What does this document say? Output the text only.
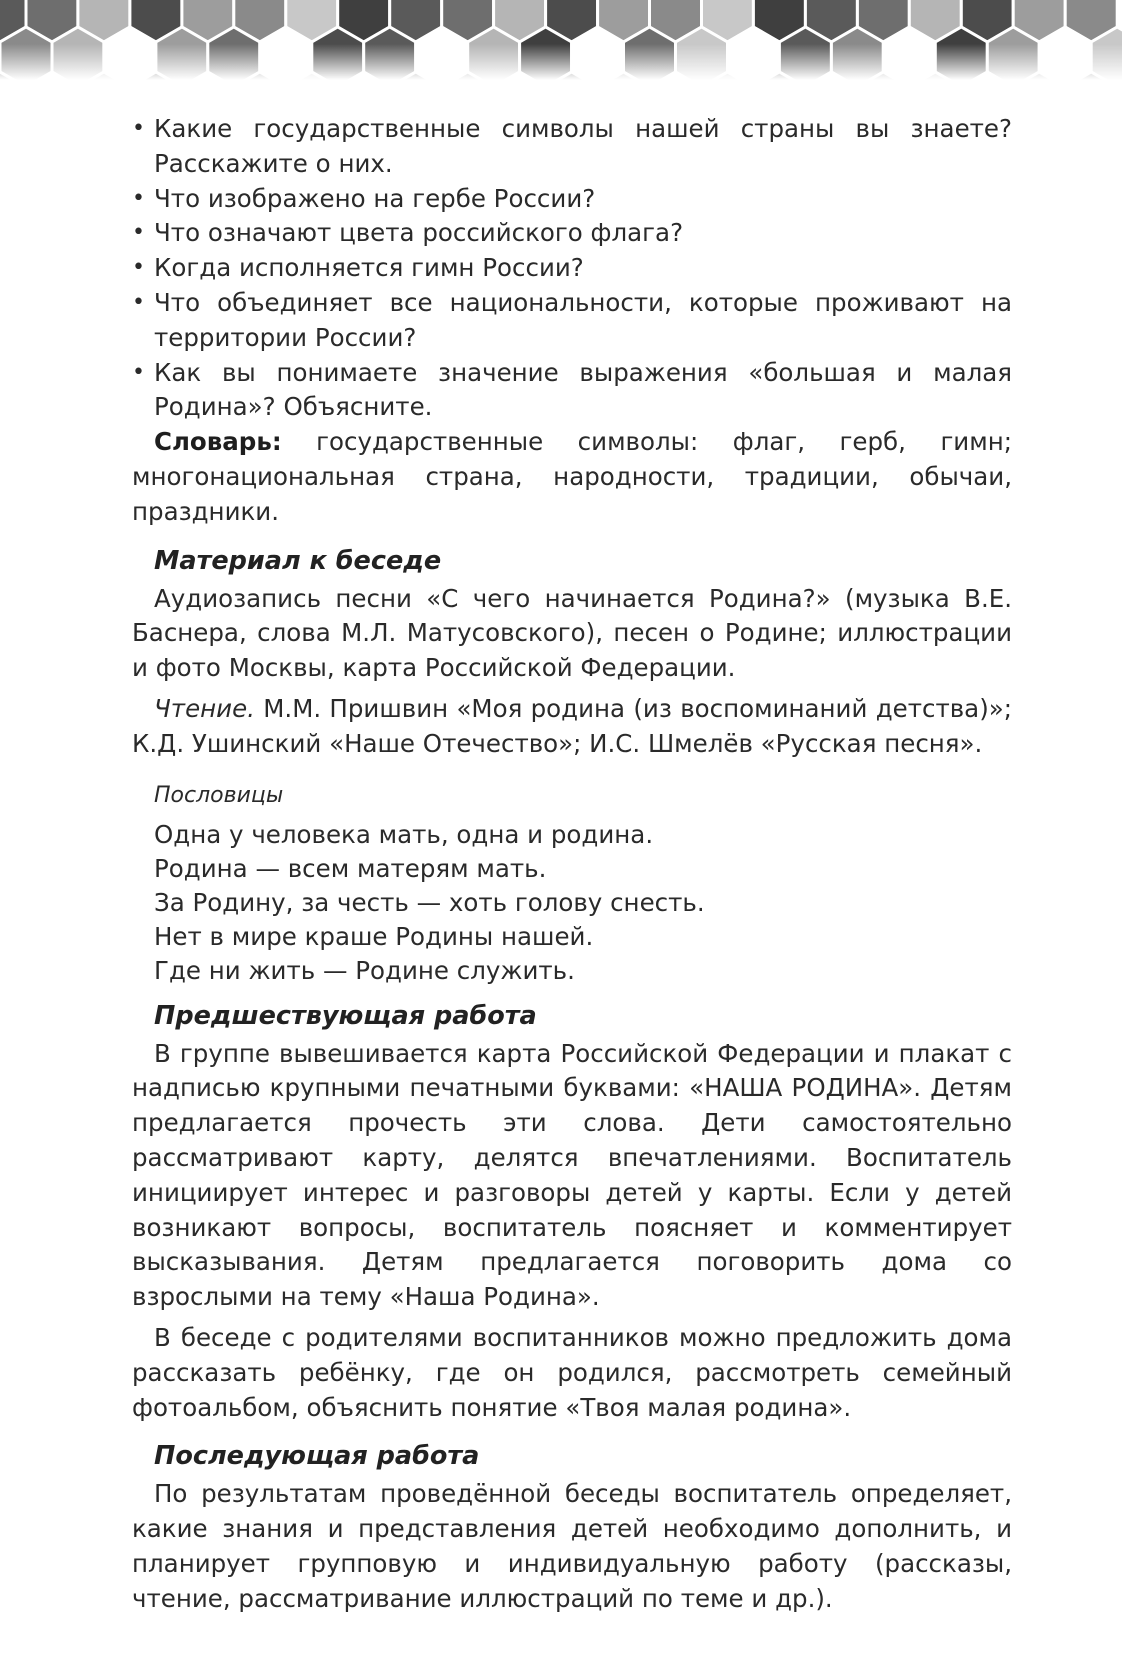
• Какие государственные символы нашей страны вы знаете? Расскажите о них.
• Что изображено на гербе России?
• Что означают цвета российского флага?
• Когда исполняется гимн России?
• Что объединяет все национальности, которые проживают на территории России?
• Как вы понимаете значение выражения «большая и малая Родина»? Объясните.

Словарь: государственные символы: флаг, герб, гимн; многонациональная страна, народности, традиции, обычаи, праздники.

Материал к беседе

Аудиозапись песни «С чего начинается Родина?» (музыка В.Е. Баснера, слова М.Л. Матусовского), песен о Родине; иллюстрации и фото Москвы, карта Российской Федерации.

Чтение. М.М. Пришвин «Моя родина (из воспоминаний детства)»; К.Д. Ушинский «Наше Отечество»; И.С. Шмелёв «Русская песня».

Пословицы

Одна у человека мать, одна и родина.

Родина — всем матерям мать.

За Родину, за честь — хоть голову снесть.

Нет в мире краше Родины нашей.

Где ни жить — Родине служить.

Предшествующая работа

В группе вывешивается карта Российской Федерации и плакат с надписью крупными печатными буквами: «НАША РОДИНА». Детям предлагается прочесть эти слова. Дети самостоятельно рассматривают карту, делятся впечатлениями. Воспитатель инициирует интерес и разговоры детей у карты. Если у детей возникают вопросы, воспитатель поясняет и комментирует высказывания. Детям предлагается поговорить дома со взрослыми на тему «Наша Родина».

В беседе с родителями воспитанников можно предложить дома рассказать ребёнку, где он родился, рассмотреть семейный фотоальбом, объяснить понятие «Твоя малая родина».

Последующая работа

По результатам проведённой беседы воспитатель определяет, какие знания и представления детей необходимо дополнить, и планирует групповую и индивидуальную работу (рассказы, чтение, рассматривание иллюстраций по теме и др.).
